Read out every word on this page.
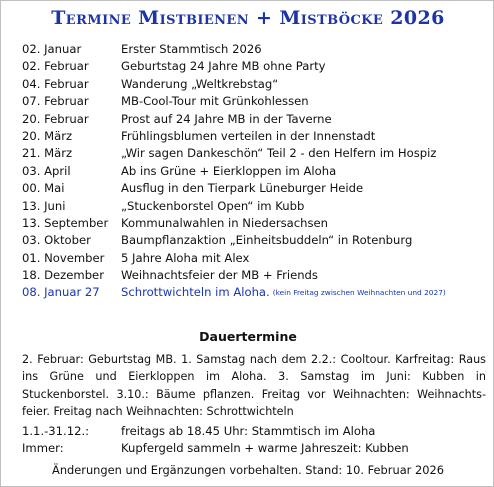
Termine Mistbienen + Mistböcke 2026
02. Januar	Erster Stammtisch 2026
02. Februar	Geburtstag 24 Jahre MB ohne Party
04. Februar	Wanderung „Weltkrebstag“
07. Februar	MB-Cool-Tour mit Grünkohlessen
20. Februar	Prost auf 24 Jahre MB in der Taverne
20. März	Frühlingsblumen verteilen in der Innenstadt
21. März	„Wir sagen Dankeschön“ Teil 2 - den Helfern im Hospiz
03. April	Ab ins Grüne + Eierkloppen im Aloha
00. Mai	Ausflug in den Tierpark Lüneburger Heide
13. Juni	„Stuckenborstel Open“ im Kubb
13. September Kommunalwahlen in Niedersachsen
03. Oktober	Baumpflanzaktion „Einheitsbuddeln“ in Rotenburg
01. November 5 Jahre Aloha mit Alex
18. Dezember Weihnachtsfeier der MB + Friends
08. Januar 27 Schrottwichteln im Aloha. (kein Freitag zwischen Weihnachten und 2027)
Dauertermine
2. Februar: Geburtstag MB. 1. Samstag nach dem 2.2.: Cooltour. Karfreitag: Raus ins Grüne und Eierkloppen im Aloha. 3. Samstag im Juni: Kubben in Stuckenborstel. 3.10.: Bäume pflanzen. Freitag vor Weihnachten: Weihnachts-feier. Freitag nach Weihnachten: Schrottwichteln
1.1.-31.12.:	freitags ab 18.45 Uhr: Stammtisch im Aloha
Immer:	Kupfergeld sammeln + warme Jahreszeit: Kubben
Änderungen und Ergänzungen vorbehalten. Stand: 10. Februar 2026
